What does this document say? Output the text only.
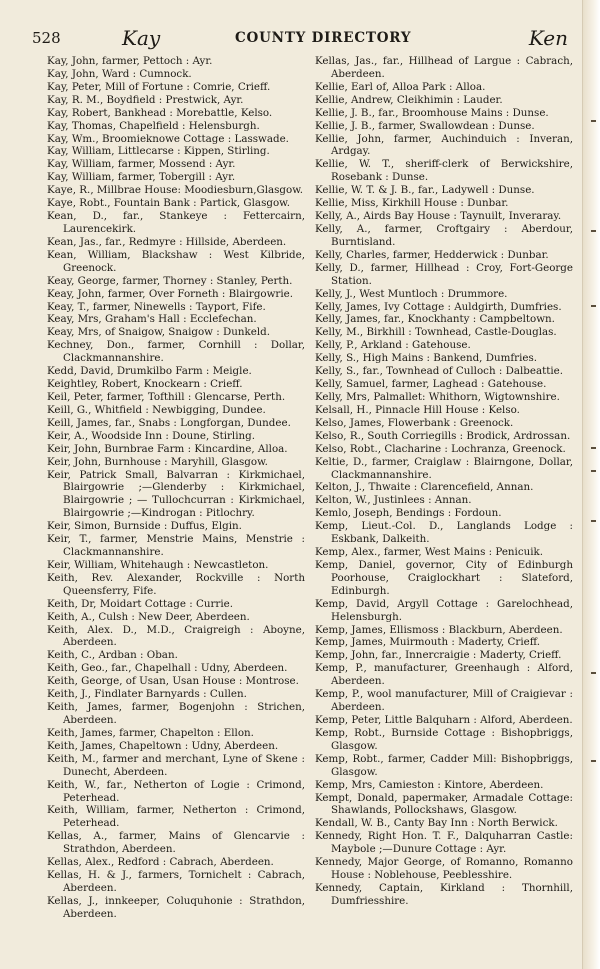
528	Kay	COUNTY DIRECTORY	Ken

Kay, John, farmer, Pettoch : Ayr.

Kay, John, Ward : Cumnock.

Kay, Peter, Mill of Fortune : Comrie, Crieff.

Kay, R. M., Boydfield : Prestwick, Ayr.

Kay, Robert, Bankhead : Morebattle, Kelso.

Kay, Thomas, Chapelfield : Helensburgh.

Kay, Wm., Broomieknowe Cottage : Lasswade.

Kay, William, Littlecarse : Kippen, Stirling.

Kay, William, farmer, Mossend : Ayr.

Kay, William, farmer, Tobergill : Ayr.

Kaye, R., Millbrae House: Moodiesburn,Glasgow.

Kaye, Robt., Fountain Bank : Partick, Glasgow.

Kean, D., far., Stankeye : Fettercairn, Laurencekirk.

Kean, Jas., far., Redmyre : Hillside, Aberdeen.

Kean, William, Blackshaw : West Kilbride, Greenock.

Keay, George, farmer, Thorney : Stanley, Perth.

Keay, John, farmer, Over Forneth : Blairgowrie.

Keay, T., farmer, Ninewells : Tayport, Fife.

Keay, Mrs, Graham's Hall : Ecclefechan.

Keay, Mrs, of Snaigow, Snaigow : Dunkeld.

Kechney, Don., farmer, Cornhill : Dollar, Clackmannanshire.

Kedd, David, Drumkilbo Farm : Meigle.

Keightley, Robert, Knockearn : Crieff.

Keil, Peter, farmer, Tofthill : Glencarse, Perth.

Keill, G., Whitfield : Newbigging, Dundee.

Keill, James, far., Snabs : Longforgan, Dundee.

Keir, A., Woodside Inn : Doune, Stirling.

Keir, John, Burnbrae Farm : Kincardine, Alloa.

Keir, John, Burnhouse : Maryhill, Glasgow.

Keir, Patrick Small, Balvarran : Kirkmichael, Blairgowrie ;—Glenderby : Kirkmichael, Blairgowrie ; — Tullochcurran : Kirkmichael, Blairgowrie ;—Kindrogan : Pitlochry.

Keir, Simon, Burnside : Duffus, Elgin.

Keir, T., farmer, Menstrie Mains, Menstrie : Clackmannanshire.

Keir, William, Whitehaugh : Newcastleton.

Keith, Rev. Alexander, Rockville : North Queensferry, Fife.

Keith, Dr, Moidart Cottage : Currie.

Keith, A., Culsh : New Deer, Aberdeen.

Keith, Alex. D., M.D., Craigreigh : Aboyne, Aberdeen.

Keith, C., Ardban : Oban.

Keith, Geo., far., Chapelhall : Udny, Aberdeen.

Keith, George, of Usan, Usan House : Montrose.

Keith, J., Findlater Barnyards : Cullen.

Keith, James, farmer, Bogenjohn : Strichen, Aberdeen.

Keith, James, farmer, Chapelton : Ellon.

Keith, James, Chapeltown : Udny, Aberdeen.

Keith, M., farmer and merchant, Lyne of Skene : Dunecht, Aberdeen.

Keith, W., far., Netherton of Logie : Crimond, Peterhead.

Keith, William, farmer, Netherton : Crimond, Peterhead.

Kellas, A., farmer, Mains of Glencarvie : Strathdon, Aberdeen.

Kellas, Alex., Redford : Cabrach, Aberdeen.

Kellas, H. & J., farmers, Tornichelt : Cabrach, Aberdeen.

Kellas, J., innkeeper, Coluquhonie : Strathdon, Aberdeen.

Kellas, Jas., far., Hillhead of Largue : Cabrach, Aberdeen.

Kellie, Earl of, Alloa Park : Alloa.

Kellie, Andrew, Cleikhimin : Lauder.

Kellie, J. B., far., Broomhouse Mains : Dunse.

Kellie, J. B., farmer, Swallowdean : Dunse.

Kellie, John, farmer, Auchinduich : Inveran, Ardgay.

Kellie, W. T., sheriff-clerk of Berwickshire, Rosebank : Dunse.

Kellie, W. T. & J. B., far., Ladywell : Dunse.

Kellie, Miss, Kirkhill House : Dunbar.

Kelly, A., Airds Bay House : Taynuilt, Inveraray.

Kelly, A., farmer, Croftgairy : Aberdour, Burntisland.

Kelly, Charles, farmer, Hedderwick : Dunbar.

Kelly, D., farmer, Hillhead : Croy, Fort-George Station.

Kelly, J., West Muntloch : Drummore.

Kelly, James, Ivy Cottage : Auldgirth, Dumfries.

Kelly, James, far., Knockhanty : Campbeltown.

Kelly, M., Birkhill : Townhead, Castle-Douglas.

Kelly, P., Arkland : Gatehouse.

Kelly, S., High Mains : Bankend, Dumfries.

Kelly, S., far., Townhead of Culloch : Dalbeattie.

Kelly, Samuel, farmer, Laghead : Gatehouse.

Kelly, Mrs, Palmallet: Whithorn, Wigtownshire.

Kelsall, H., Pinnacle Hill House : Kelso.

Kelso, James, Flowerbank : Greenock.

Kelso, R., South Corriegills : Brodick, Ardrossan.

Kelso, Robt., Clacharine : Lochranza, Greenock.

Keltie, D., farmer, Craiglaw : Blairngone, Dollar, Clackmannanshire.

Kelton, J., Thwaite : Clarencefield, Annan.

Kelton, W., Justinlees : Annan.

Kemlo, Joseph, Bendings : Fordoun.

Kemp, Lieut.-Col. D., Langlands Lodge : Eskbank, Dalkeith.

Kemp, Alex., farmer, West Mains : Penicuik.

Kemp, Daniel, governor, City of Edinburgh Poorhouse, Craiglockhart : Slateford, Edinburgh.

Kemp, David, Argyll Cottage : Garelochhead, Helensburgh.

Kemp, James, Ellismoss : Blackburn, Aberdeen.

Kemp, James, Muirmouth : Maderty, Crieff.

Kemp, John, far., Innercraigie : Maderty, Crieff.

Kemp, P., manufacturer, Greenhaugh : Alford, Aberdeen.

Kemp, P., wool manufacturer, Mill of Craigievar : Aberdeen.

Kemp, Peter, Little Balquharn : Alford, Aberdeen.

Kemp, Robt., Burnside Cottage : Bishopbriggs, Glasgow.

Kemp, Robt., farmer, Cadder Mill: Bishopbriggs, Glasgow.

Kemp, Mrs, Camieston : Kintore, Aberdeen.

Kempt, Donald, papermaker, Armadale Cottage: Shawlands, Pollockshaws, Glasgow.

Kendall, W. B., Canty Bay Inn : North Berwick.

Kennedy, Right Hon. T. F., Dalquharran Castle: Maybole ;—Dunure Cottage : Ayr.

Kennedy, Major George, of Romanno, Romanno House : Noblehouse, Peeblesshire.

Kennedy, Captain, Kirkland : Thornhill, Dumfriesshire.
